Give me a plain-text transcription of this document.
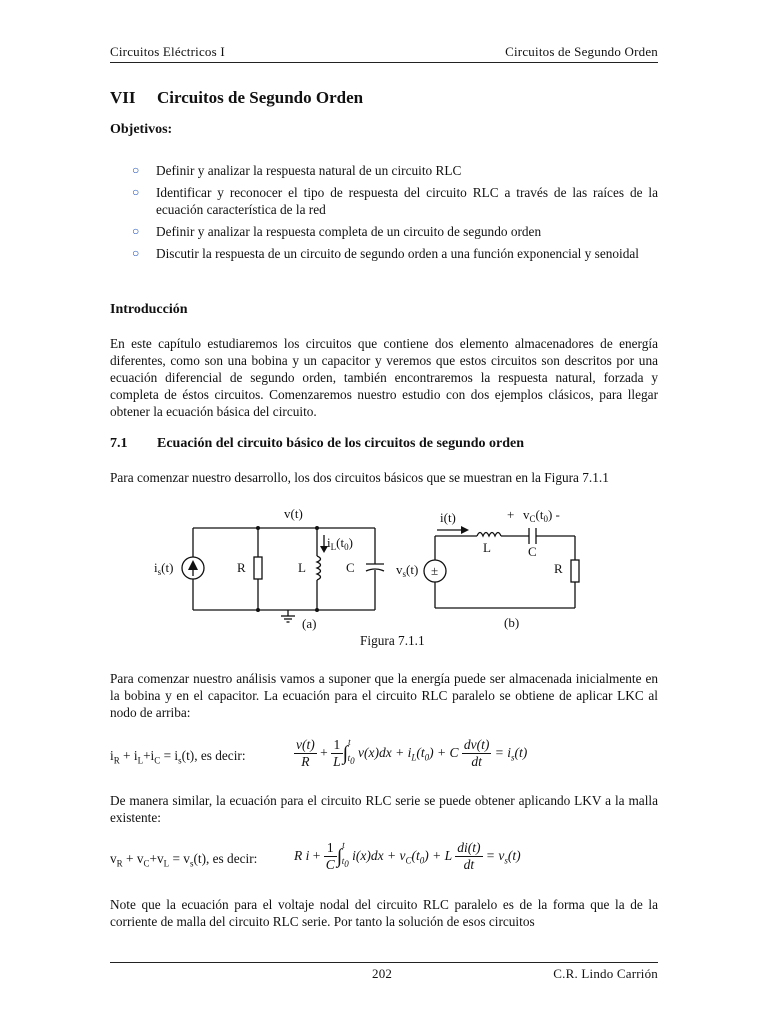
Circuitos Eléctricos I	Circuitos de Segundo Orden
VII Circuitos de Segundo Orden
Objetivos:
○ Definir y analizar la respuesta natural de un circuito RLC
○ Identificar y reconocer el tipo de respuesta del circuito RLC a través de las raíces de la ecuación característica de la red
○ Definir y analizar la respuesta completa de un circuito de segundo orden
○ Discutir la respuesta de un circuito de segundo orden a una función exponencial y senoidal
Introducción
En este capítulo estudiaremos los circuitos que contiene dos elemento almacenadores de energía diferentes, como son una bobina y un capacitor y veremos que estos circuitos son descritos por una ecuación diferencial de segundo orden, también encontraremos la respuesta natural, forzada y completa de éstos circuitos. Comenzaremos nuestro estudio con dos ejemplos clásicos, para llegar obtener la ecuación básica del circuito.
7.1 Ecuación del circuito básico de los circuitos de segundo orden
Para comenzar nuestro desarrollo, los dos circuitos básicos que se muestran en la Figura 7.1.1
v(t)
$i_L(t_0)$
$i_s(t)$	R	L	C
(a)
i(t)	+ $v_C(t_0)$ -
L	C
$v_s(t)$ ±	R
(b)
Figura 7.1.1
Para comenzar nuestro análisis vamos a suponer que la energía puede ser almacenada inicialmente en la bobina y en el capacitor. La ecuación para el circuito RLC paralelo se obtiene de aplicar LKC al nodo de arriba:
$i_R + i_L+i_C = i_s(t)$, es decir:	$\frac{v(t)}{R} + \frac{1}{L} \int^t_{t_0}$ $v(x)dx + i_L(t_0) + C \frac{dv(t)}{dt} = i_s(t)$
De manera similar, la ecuación para el circuito RLC serie se puede obtener aplicando LKV a la malla existente:
$v_R + v_C+v_L = v_s(t)$, es decir:	R $i + \frac{1}{C} \int^t_{t_0}$ $i(x)dx + v_C(t_0) + L \frac{di(t)}{dt} = v_s(t)$
Note que la ecuación para el voltaje nodal del circuito RLC paralelo es de la forma que la de la corriente de malla del circuito RLC serie. Por tanto la solución de esos circuitos
202	C.R. Lindo Carrión
